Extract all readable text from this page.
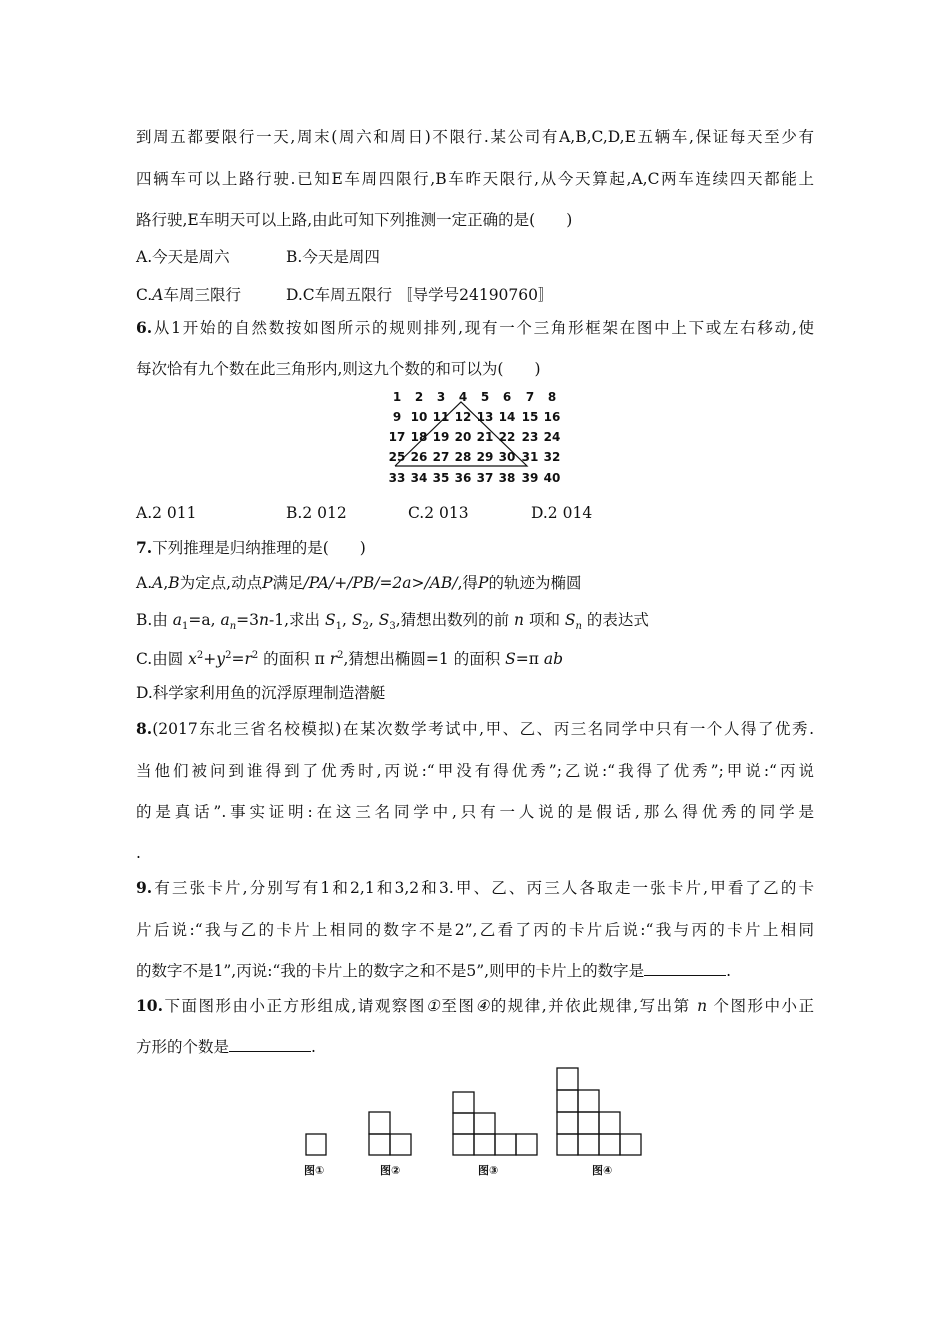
到周五都要限行一天,周末(周六和周日)不限行.某公司有A,B,C,D,E五辆车,保证每天至少有
四辆车可以上路行驶.已知E车周四限行,B车昨天限行,从今天算起,A,C两车连续四天都能上
路行驶,E车明天可以上路,由此可知下列推测一定正确的是(　　)
A.今天是周六	B.今天是周四
C.A车周三限行	D.C车周五限行 〚导学号24190760〛
6.从1开始的自然数按如图所示的规则排列,现有一个三角形框架在图中上下或左右移动,使
每次恰有九个数在此三角形内,则这九个数的和可以为(　　)
1 2 3 4 5 6 7 8
9 10 11 12 13 14 15 16
17 18 19 20 21 22 23 24
25 26 27 28 29 30 31 32
33 34 35 36 37 38 39 40
A.2 011	B.2 012	C.2 013	D.2 014
7.下列推理是归纳推理的是(　　)
A.A,B为定点,动点P满足/PA/+/PB/=2a>/AB/,得P的轨迹为椭圆
B.由 $a_1=a$, $a_n=3n-1$,求出 $S_1$, $S_2$, $S_3$,猜想出数列的前 n 项和 $S_n$ 的表达式
C.由圆 $x^2+y^2=r^2$ 的面积 π $r^2$,猜想出椭圆=1 的面积 S=π ab
D.科学家利用鱼的沉浮原理制造潜艇
8.(2017东北三省名校模拟)在某次数学考试中,甲、乙、丙三名同学中只有一个人得了优秀.
当他们被问到谁得到了优秀时,丙说:“甲没有得优秀”;乙说:“我得了优秀”;甲说:“丙说
的是真话”.事实证明:在这三名同学中,只有一人说的是假话,那么得优秀的同学是
.
9.有三张卡片,分别写有1和2,1和3,2和3.甲、乙、丙三人各取走一张卡片,甲看了乙的卡
片后说:“我与乙的卡片上相同的数字不是2”,乙看了丙的卡片后说:“我与丙的卡片上相同
的数字不是1”,丙说:“我的卡片上的数字之和不是5”,则甲的卡片上的数字是	.
10.下面图形由小正方形组成,请观察图①至图④的规律,并依此规律,写出第 n 个图形中小正
方形的个数是	.
图①	图②	图③	图④
